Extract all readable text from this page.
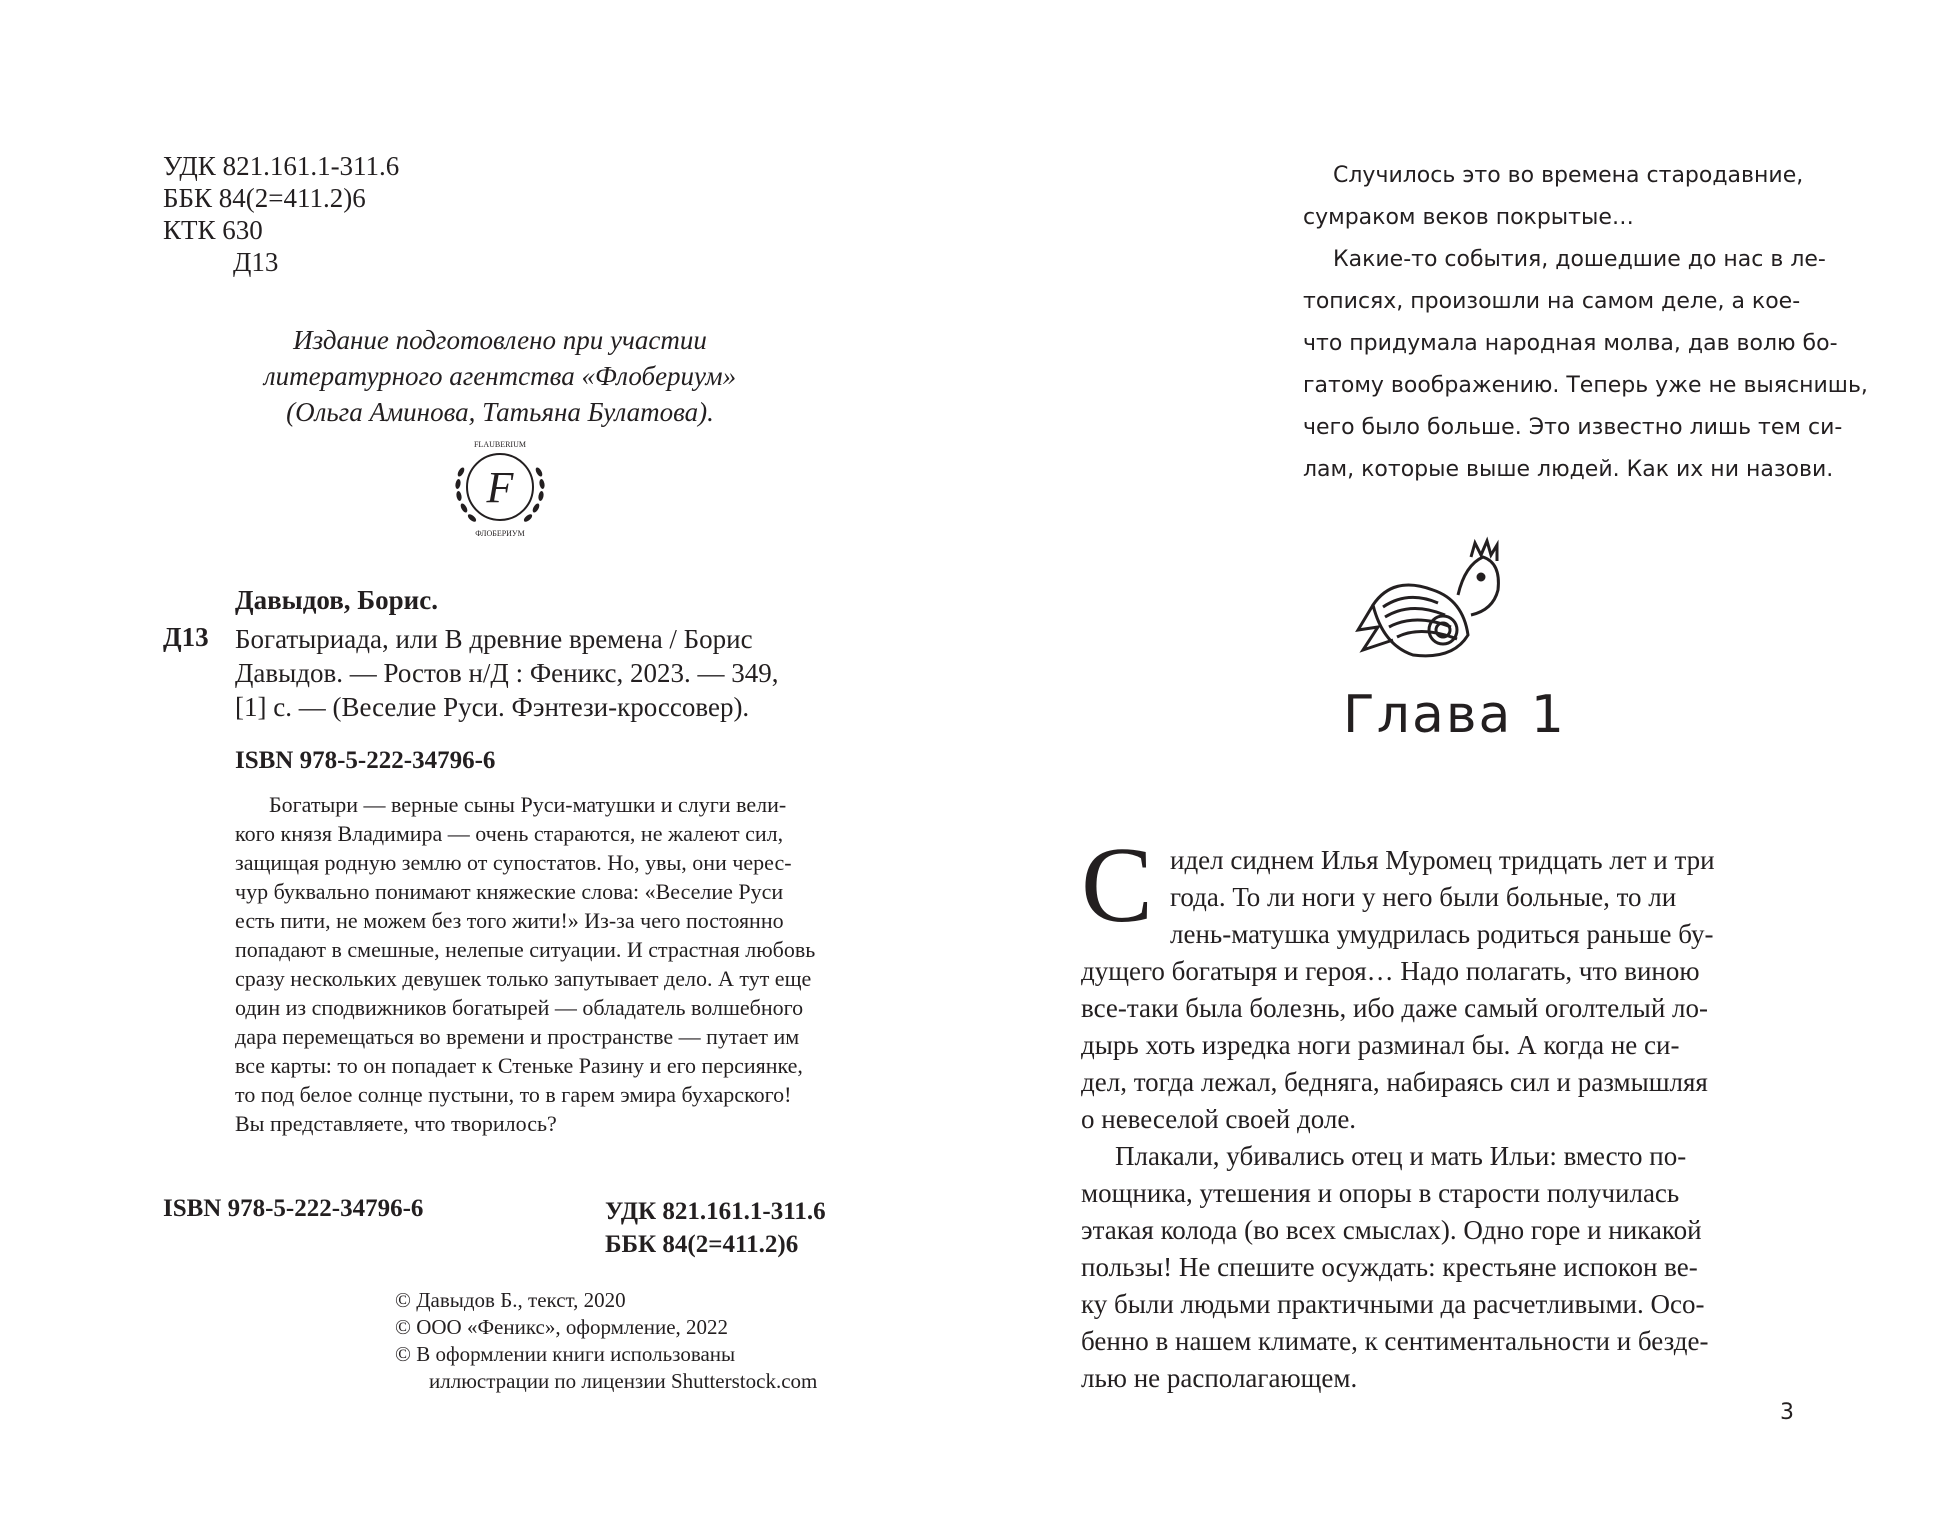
УДК 821.161.1-311.6
ББК 84(2=411.2)6
КТК 630
Д13
Издание подготовлено при участии
литературного агентства «Флобериум»
(Ольга Аминова, Татьяна Булатова).
F
FLAUBERIUM
ФЛОБЕРИУМ
Давыдов, Борис.
Д13 Богатыриада, или В древние времена / Борис
Давыдов. — Ростов н/Д : Феникс, 2023. — 349,
[1] с. — (Веселие Руси. Фэнтези-кроссовер).
ISBN 978-5-222-34796-6
Богатыри — верные сыны Руси-матушки и слуги вели-
кого князя Владимира — очень стараются, не жалеют сил,
защищая родную землю от супостатов. Но, увы, они черес-
чур буквально понимают княжеские слова: «Веселие Руси
есть пити, не можем без того жити!» Из-за чего постоянно
попадают в смешные, нелепые ситуации. И страстная любовь
сразу нескольких девушек только запутывает дело. А тут еще
один из сподвижников богатырей — обладатель волшебного
дара перемещаться во времени и пространстве — путает им
все карты: то он попадает к Стеньке Разину и его персиянке,
то под белое солнце пустыни, то в гарем эмира бухарского!
Вы представляете, что творилось?
ISBN 978-5-222-34796-6	УДК 821.161.1-311.6
ББК 84(2=411.2)6
© Давыдов Б., текст, 2020
© ООО «Феникс», оформление, 2022
© В оформлении книги использованы
иллюстрации по лицензии Shutterstock.com
Случилось это во времена стародавние,
сумраком веков покрытые…
Какие-то события, дошедшие до нас в ле-
тописях, произошли на самом деле, а кое-
что придумала народная молва, дав волю бо-
гатому воображению. Теперь уже не выяснишь,
чего было больше. Это известно лишь тем си-
лам, которые выше людей. Как их ни назови.
Глава 1
С идел сиднем Илья Муромец тридцать лет и три
года. То ли ноги у него были больные, то ли
лень-матушка умудрилась родиться раньше бу-
дущего богатыря и героя… Надо полагать, что виною
все-таки была болезнь, ибо даже самый оголтелый ло-
дырь хоть изредка ноги разминал бы. А когда не си-
дел, тогда лежал, бедняга, набираясь сил и размышляя
о невеселой своей доле.
Плакали, убивались отец и мать Ильи: вместо по-
мощника, утешения и опоры в старости получилась
этакая колода (во всех смыслах). Одно горе и никакой
пользы! Не спешите осуждать: крестьяне испокон ве-
ку были людьми практичными да расчетливыми. Осо-
бенно в нашем климате, к сентиментальности и безде-
лью не располагающем.
3
